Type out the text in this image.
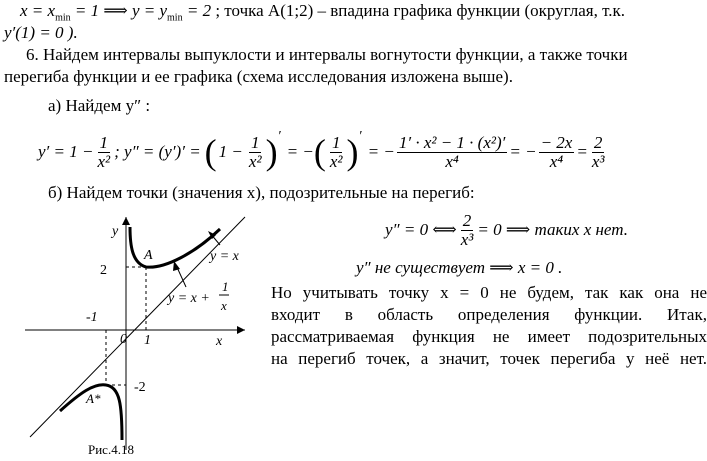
$x = x_{min} = 1$ ⟹ $y = y_{min} = 2$ ; точка A(1;2) – впадина графика функции (округлая, т.к.
y′(1) = 0 ).
6. Найдем интервалы выпуклости и интервалы вогнутости функции, а также точки
перегиба функции и ее графика (схема исследования изложена выше).
а) Найдем y″ :
$y' = 1 - \frac{1}{\text{x²}}$ ; y″ = (y′)′ = ( $1 - \frac{1}{\text{x²}} )'$
= − ( $\frac{1}{\text{x²}} )'$
= − $\frac{\text{1′ · x² − 1 · (x²)′}}{\text{x⁴}}$ = − $\frac{- 2x}{\text{x⁴}} = \frac{2}{\text{x³}}$
б) Найдем точки (значения x), подозрительные на перегиб:
y″ = 0 ⟺ $\frac{2}{\text{x³}} = 0$ ⟹ таких x нет.
y″ не существует ⟹ x = 0 .
Но учитывать точку x = 0 не будем, так как она не
входит в область определения функции. Итак,
рассматриваемая функция не имеет подозрительных
на перегиб точек, а значит, точек перегиба у неё нет.
y
x
0 1
-1
2
-2
A
A*
y = x
y = x +
1
x
Рис.4.18
